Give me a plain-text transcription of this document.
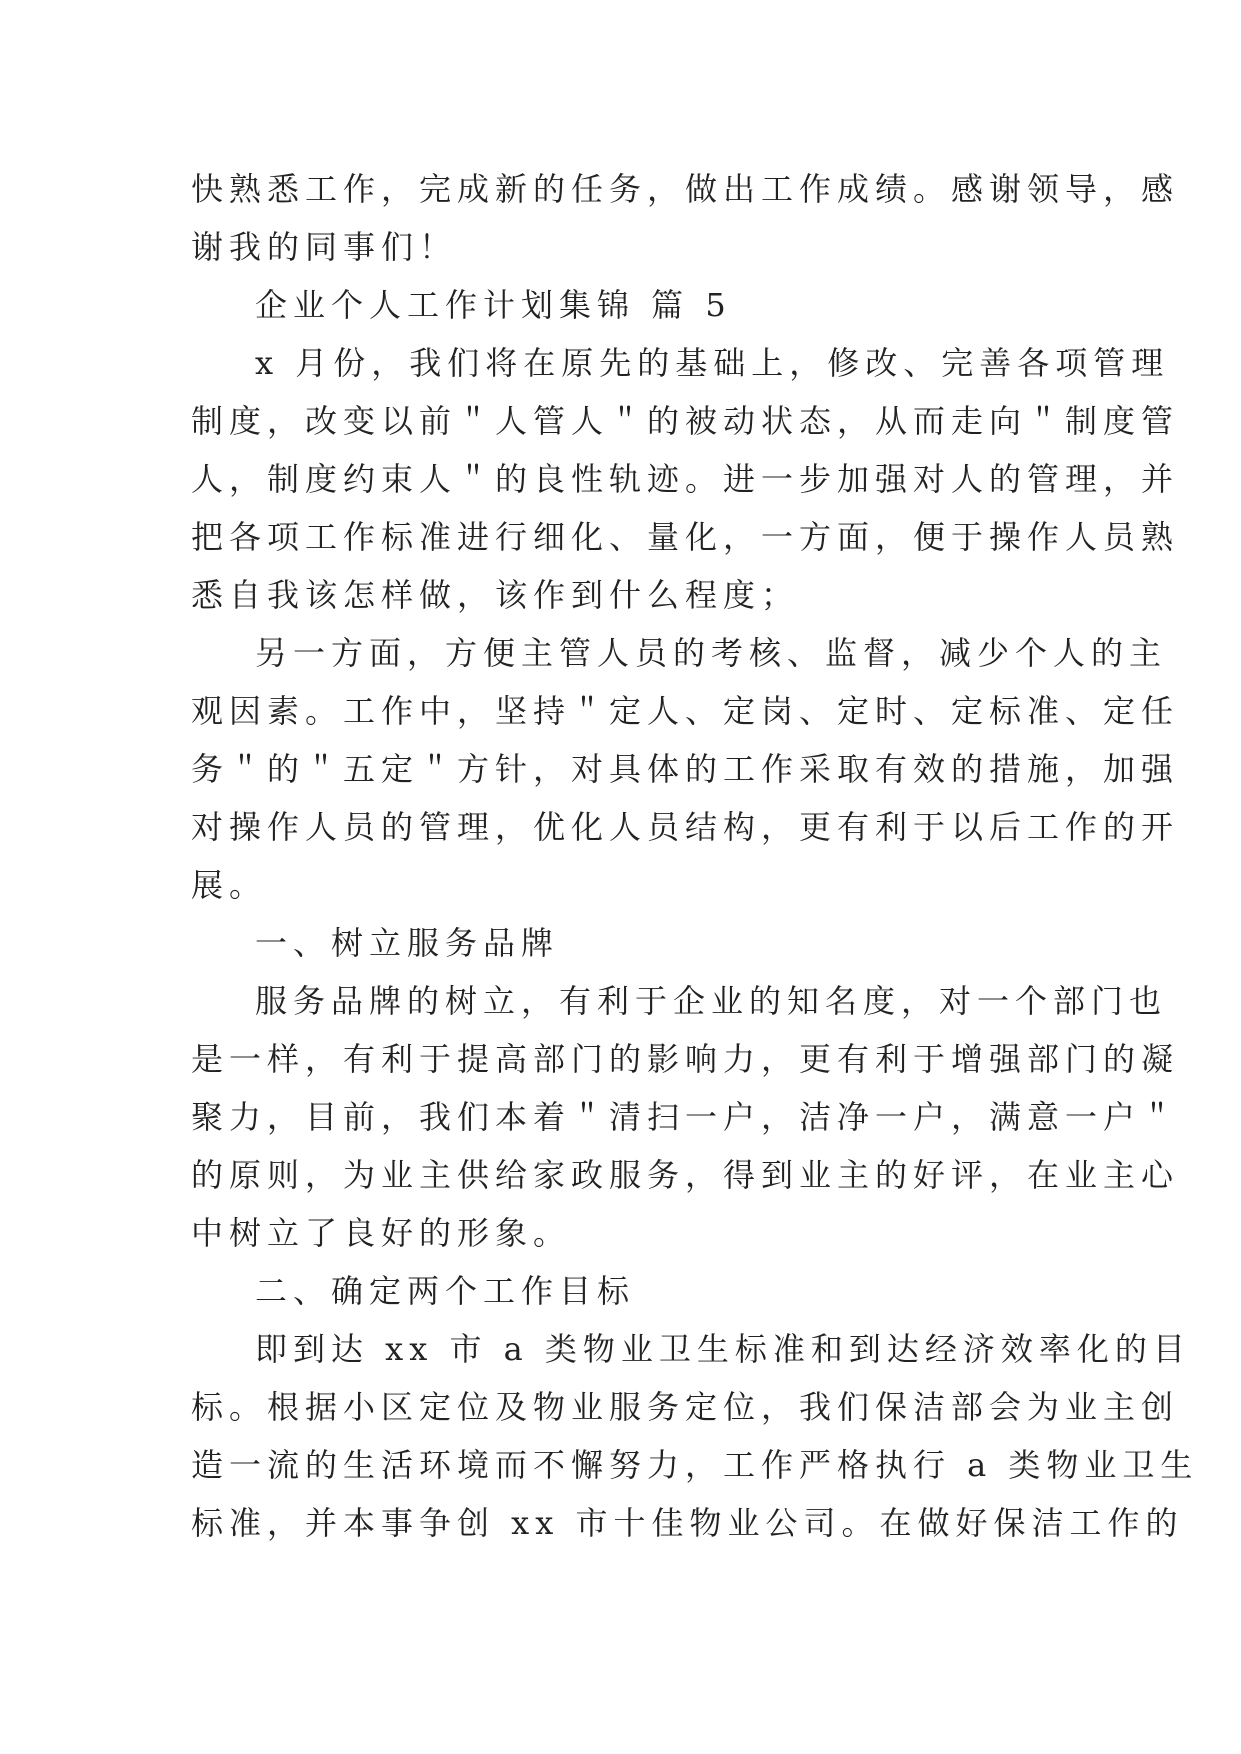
快熟悉工作，完成新的任务，做出工作成绩。感谢领导，感
谢我的同事们！
企业个人工作计划集锦 篇 5
x 月份，我们将在原先的基础上，修改、完善各项管理
制度，改变以前＂人管人＂的被动状态，从而走向＂制度管
人，制度约束人＂的良性轨迹。进一步加强对人的管理，并
把各项工作标准进行细化、量化，一方面，便于操作人员熟
悉自我该怎样做，该作到什么程度；
另一方面，方便主管人员的考核、监督，减少个人的主
观因素。工作中，坚持＂定人、定岗、定时、定标准、定任
务＂的＂五定＂方针，对具体的工作采取有效的措施，加强
对操作人员的管理，优化人员结构，更有利于以后工作的开
展。
一、树立服务品牌
服务品牌的树立，有利于企业的知名度，对一个部门也
是一样，有利于提高部门的影响力，更有利于增强部门的凝
聚力，目前，我们本着＂清扫一户，洁净一户，满意一户＂
的原则，为业主供给家政服务，得到业主的好评，在业主心
中树立了良好的形象。
二、确定两个工作目标
即到达 xx 市 a 类物业卫生标准和到达经济效率化的目
标。根据小区定位及物业服务定位，我们保洁部会为业主创
造一流的生活环境而不懈努力，工作严格执行 a 类物业卫生
标准，并本事争创 xx 市十佳物业公司。在做好保洁工作的
